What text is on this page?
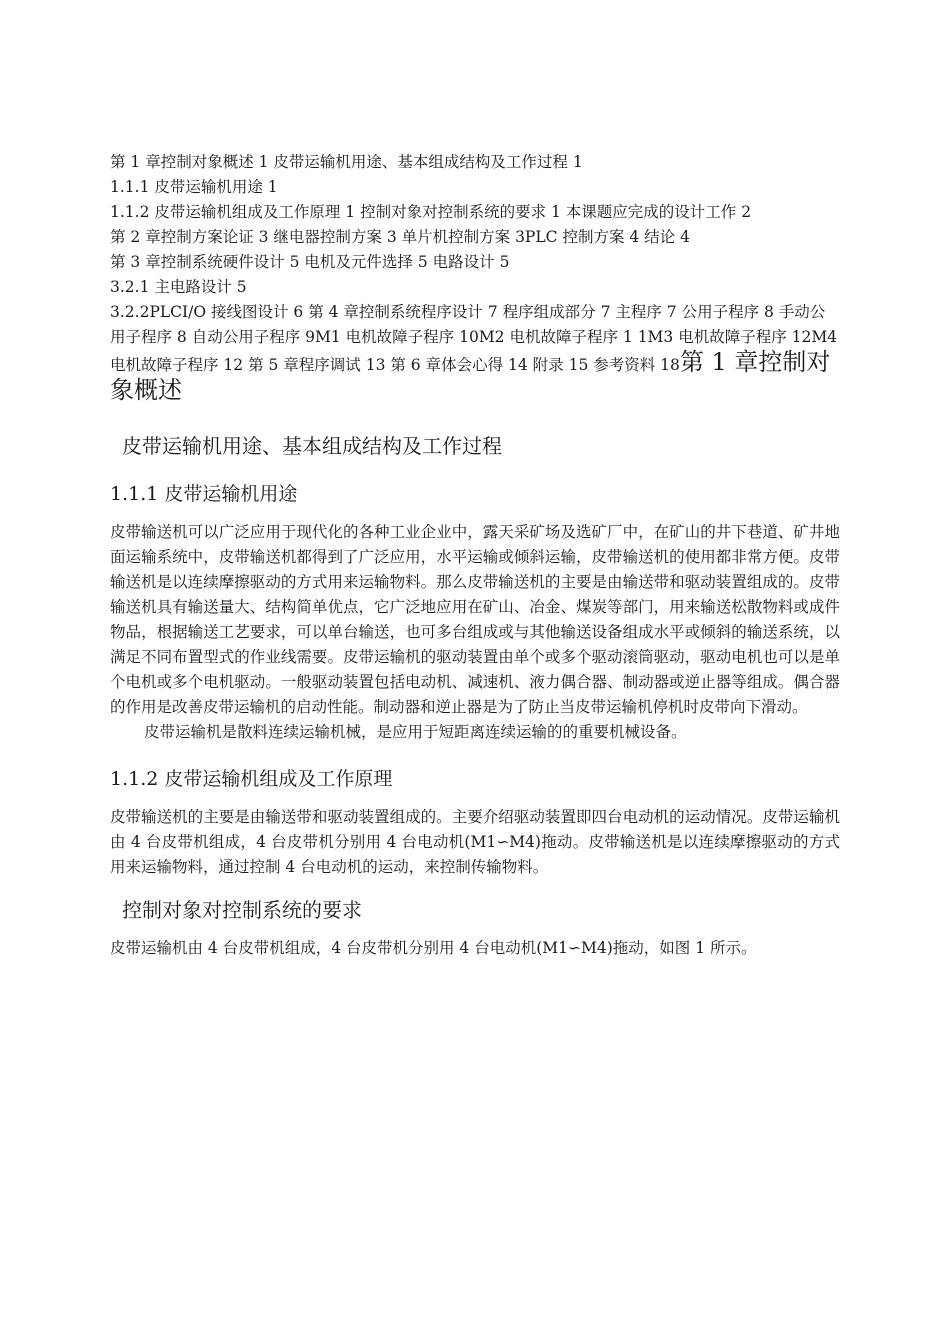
第 1 章控制对象概述 1 皮带运输机用途、基本组成结构及工作过程 1

1.1.1 皮带运输机用途 1

1.1.2 皮带运输机组成及工作原理 1 控制对象对控制系统的要求 1 本课题应完成的设计工作 2

第 2 章控制方案论证 3 继电器控制方案 3 单片机控制方案 3PLC 控制方案 4 结论 4

第 3 章控制系统硬件设计 5 电机及元件选择 5 电路设计 5

3.2.1 主电路设计 5

3.2.2PLCI/O 接线图设计 6 第 4 章控制系统程序设计 7 程序组成部分 7 主程序 7 公用子程序 8 手动公用子程序 8 自动公用子程序 9M1 电机故障子程序 10M2 电机故障子程序 1 1M3 电机故障子程序 12M4 电机故障子程序 12 第 5 章程序调试 13 第 6 章体会心得 14 附录 15 参考资料 18第 1 章控制对象概述

皮带运输机用途、基本组成结构及工作过程
1.1.1 皮带运输机用途

皮带输送机可以广泛应用于现代化的各种工业企业中，露天采矿场及选矿厂中，在矿山的井下巷道、矿井地面运输系统中，皮带输送机都得到了广泛应用，水平运输或倾斜运输，皮带输送机的使用都非常方便。皮带输送机是以连续摩擦驱动的方式用来运输物料。那么皮带输送机的主要是由输送带和驱动装置组成的。皮带输送机具有输送量大、结构简单优点，它广泛地应用在矿山、冶金、煤炭等部门，用来输送松散物料或成件物品，根据输送工艺要求，可以单台输送，也可多台组成或与其他输送设备组成水平或倾斜的输送系统，以满足不同布置型式的作业线需要。皮带运输机的驱动装置由单个或多个驱动滚筒驱动，驱动电机也可以是单个电机或多个电机驱动。一般驱动装置包括电动机、减速机、液力偶合器、制动器或逆止器等组成。偶合器的作用是改善皮带运输机的启动性能。制动器和逆止器是为了防止当皮带运输机停机时皮带向下滑动。

皮带运输机是散料连续运输机械，是应用于短距离连续运输的的重要机械设备。

1.1.2 皮带运输机组成及工作原理

皮带输送机的主要是由输送带和驱动装置组成的。主要介绍驱动装置即四台电动机的运动情况。皮带运输机由 4 台皮带机组成，4 台皮带机分别用 4 台电动机(M1∽M4)拖动。皮带输送机是以连续摩擦驱动的方式用来运输物料，通过控制 4 台电动机的运动，来控制传输物料。

控制对象对控制系统的要求

皮带运输机由 4 台皮带机组成，4 台皮带机分别用 4 台电动机(M1∽M4)拖动，如图 1 所示。
